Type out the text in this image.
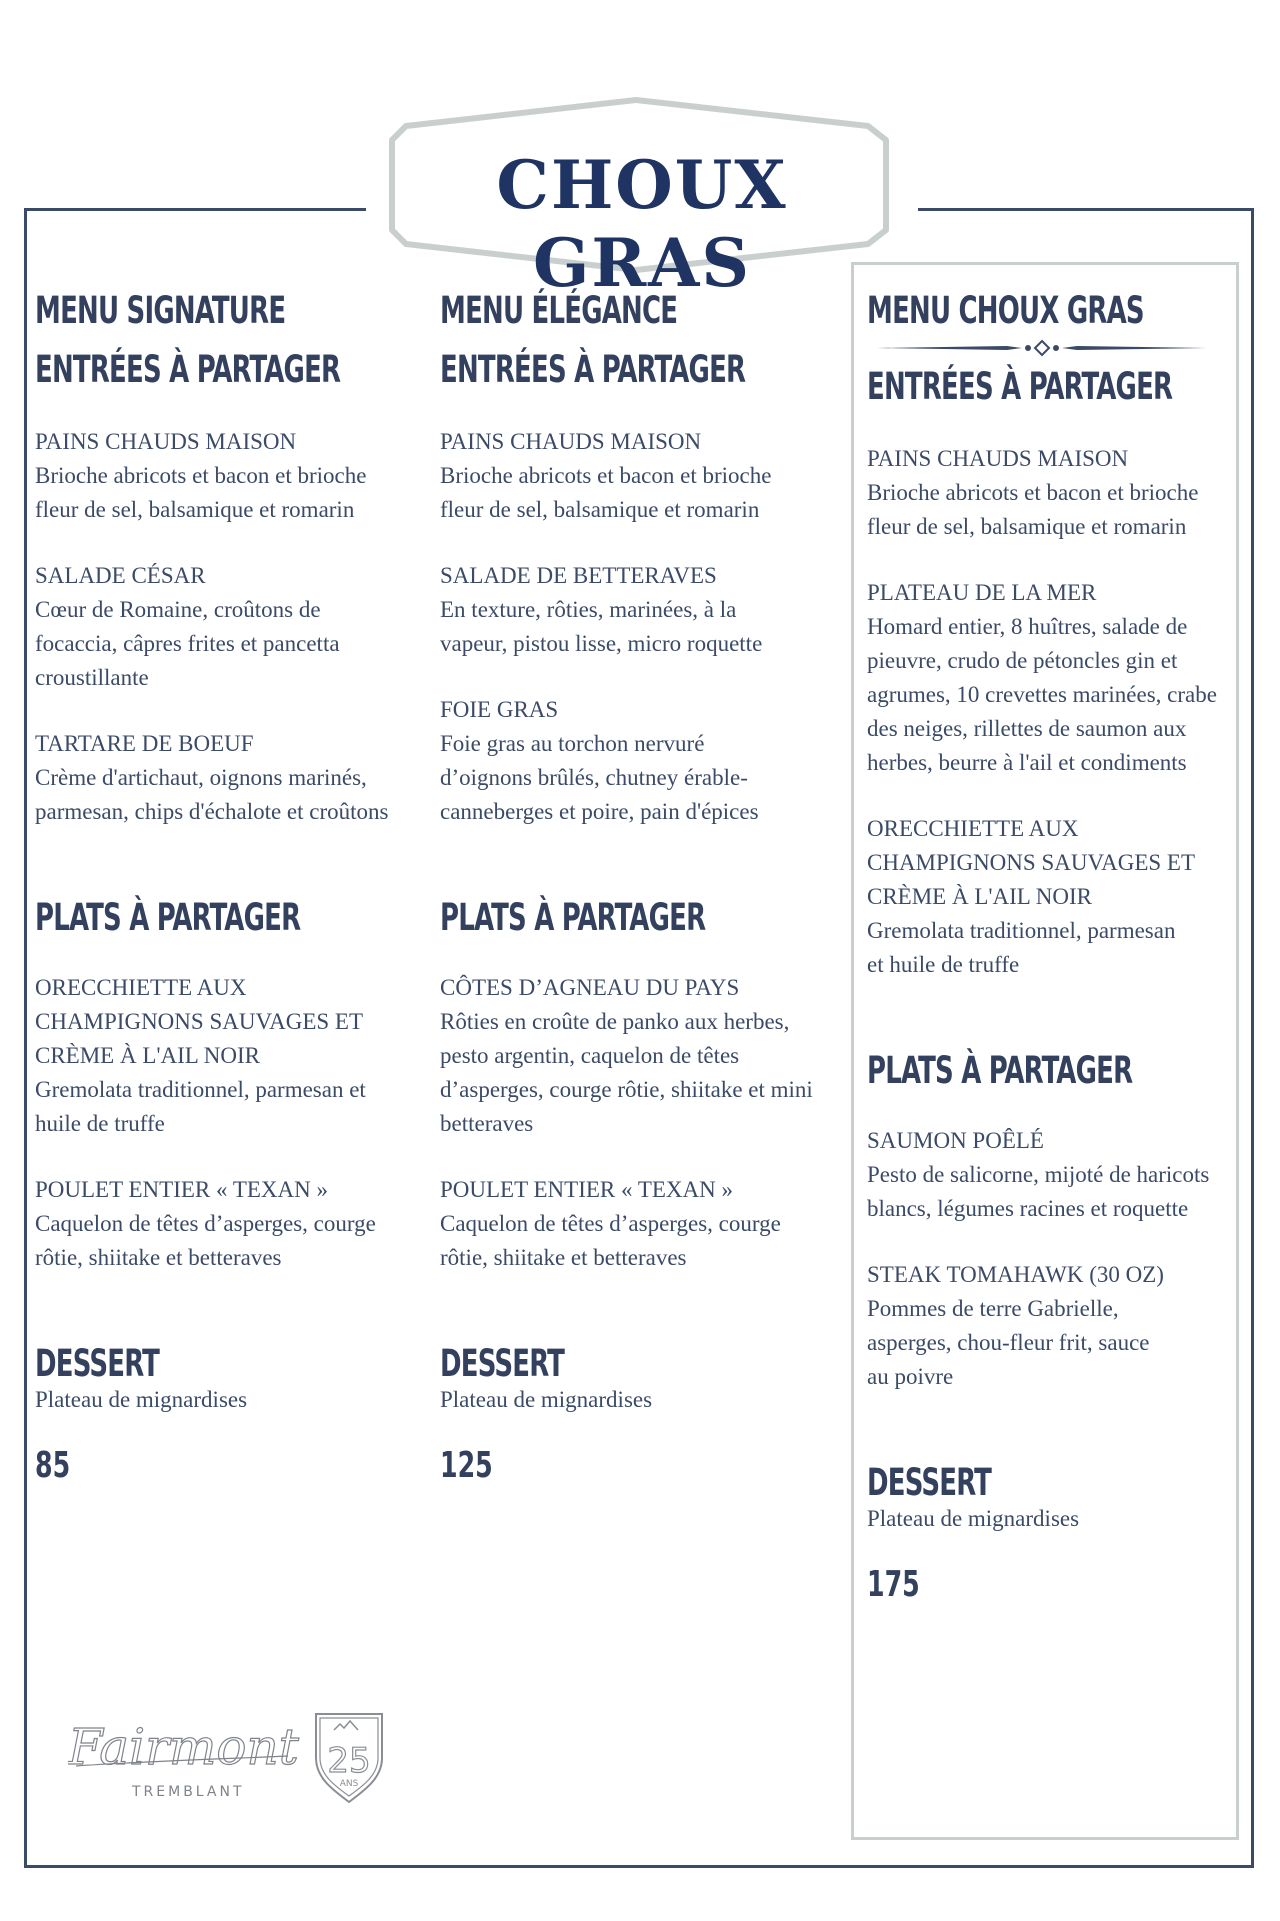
CHOUX GRAS
MENU SIGNATURE
ENTRÉES À PARTAGER

PAINS CHAUDS MAISON

Brioche abricots et bacon et brioche fleur de sel, balsamique et romarin

SALADE CÉSAR

Cœur de Romaine, croûtons de focaccia, câpres frites et pancetta croustillante

TARTARE DE BOEUF

Crème d'artichaut, oignons marinés, parmesan, chips d'échalote et croûtons

PLATS À PARTAGER

ORECCHIETTE AUX CHAMPIGNONS SAUVAGES ET CRÈME À L'AIL NOIR

Gremolata traditionnel, parmesan et huile de truffe

POULET ENTIER « TEXAN »

Caquelon de têtes d’asperges, courge rôtie, shiitake et betteraves

DESSERT

Plateau de mignardises

85

MENU ÉLÉGANCE
ENTRÉES À PARTAGER

PAINS CHAUDS MAISON

Brioche abricots et bacon et brioche fleur de sel, balsamique et romarin

SALADE DE BETTERAVES

En texture, rôties, marinées, à la vapeur, pistou lisse, micro roquette

FOIE GRAS

Foie gras au torchon nervuré d’oignons brûlés, chutney érable-canneberges et poire, pain d'épices

PLATS À PARTAGER

CÔTES D’AGNEAU DU PAYS

Rôties en croûte de panko aux herbes, pesto argentin, caquelon de têtes d’asperges, courge rôtie, shiitake et mini betteraves

POULET ENTIER « TEXAN »

Caquelon de têtes d’asperges, courge rôtie, shiitake et betteraves

DESSERT

Plateau de mignardises

125

MENU CHOUX GRAS
ENTRÉES À PARTAGER

PAINS CHAUDS MAISON

Brioche abricots et bacon et brioche fleur de sel, balsamique et romarin

PLATEAU DE LA MER

Homard entier, 8 huîtres, salade de pieuvre, crudo de pétoncles gin et agrumes, 10 crevettes marinées, crabe des neiges, rillettes de saumon aux herbes, beurre à l'ail et condiments

ORECCHIETTE AUX CHAMPIGNONS SAUVAGES ET CRÈME À L'AIL NOIR

Gremolata traditionnel, parmesan et huile de truffe

PLATS À PARTAGER

SAUMON POÊLÉ

Pesto de salicorne, mijoté de haricots blancs, légumes racines et roquette

STEAK TOMAHAWK (30 OZ)

Pommes de terre Gabrielle, asperges, chou-fleur frit, sauce au poivre

DESSERT

Plateau de mignardises

175

Fairmont
TREMBLANT
25
ANS
